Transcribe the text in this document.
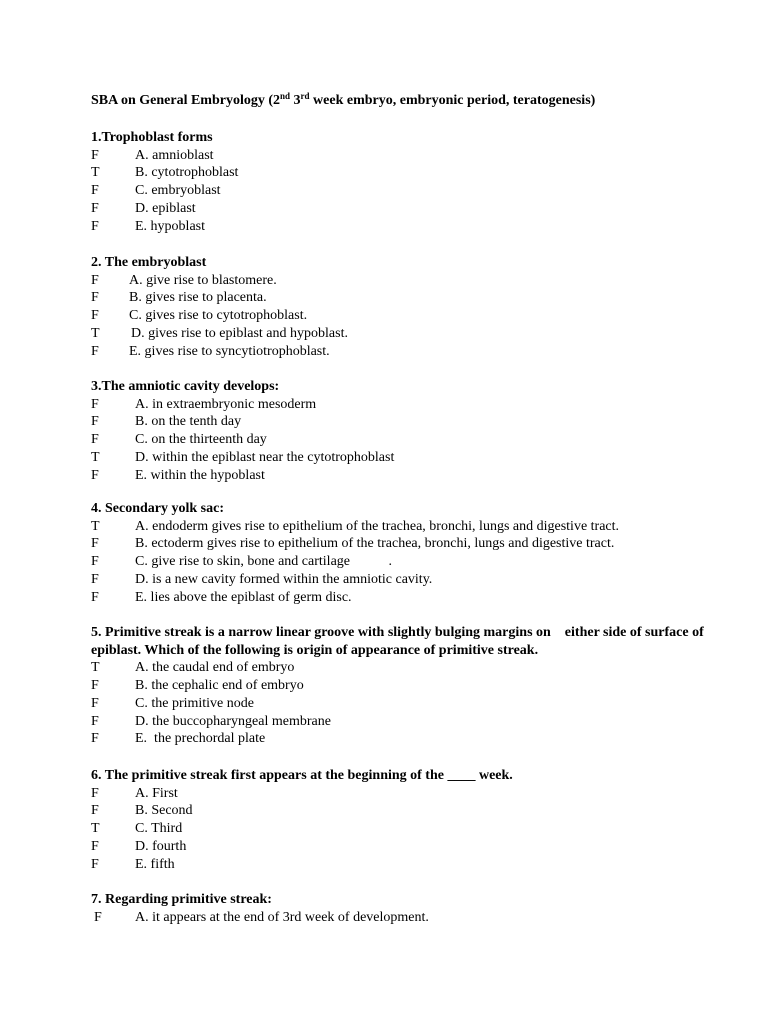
SBA on General Embryology (2nd 3rd week embryo, embryonic period, teratogenesis)
1.Trophoblast forms
F	A. amnioblast
T	B. cytotrophoblast
F	C. embryoblast
F	D. epiblast
F	E. hypoblast
2. The embryoblast
F A. give rise to blastomere.
F B. gives rise to placenta.
F C. gives rise to cytotrophoblast.
T D. gives rise to epiblast and hypoblast.
F E. gives rise to syncytiotrophoblast.
3.The amniotic cavity develops:
F	A. in extraembryonic mesoderm
F	B. on the tenth day
F	C. on the thirteenth day
T	D. within the epiblast near the cytotrophoblast
F	E. within the hypoblast
4. Secondary yolk sac:
T	A. endoderm gives rise to epithelium of the trachea, bronchi, lungs and digestive tract.
F	B. ectoderm gives rise to epithelium of the trachea, bronchi, lungs and digestive tract.
F	C. give rise to skin, bone and cartilage           .
F	D. is a new cavity formed within the amniotic cavity.
F	E. lies above the epiblast of germ disc.
5. Primitive streak is a narrow linear groove with slightly bulging margins on    either side of surface of epiblast. Which of the following is origin of appearance of primitive streak.
T	A. the caudal end of embryo
F	B. the cephalic end of embryo
F	C. the primitive node
F	D. the buccopharyngeal membrane
F	E.  the prechordal plate
6. The primitive streak first appears at the beginning of the ____ week.
F	A. First
F	B. Second
T	C. Third
F	D. fourth
F	E. fifth
7. Regarding primitive streak:
F A. it appears at the end of 3rd week of development.
